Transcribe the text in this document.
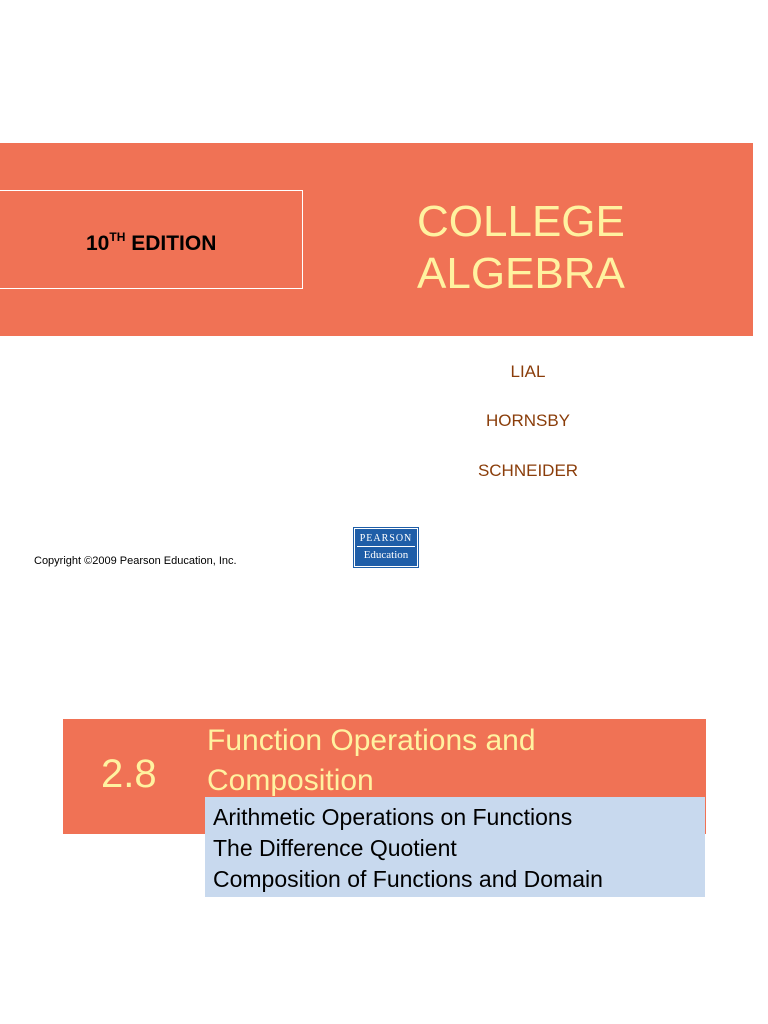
10TH EDITION	COLLEGE
ALGEBRA
LIAL
HORNSBY
SCHNEIDER
Copyright ©2009 Pearson Education, Inc.
PEARSON
Education
2.8
Function Operations and
Composition
Arithmetic Operations on Functions
The Difference Quotient
Composition of Functions and Domain
